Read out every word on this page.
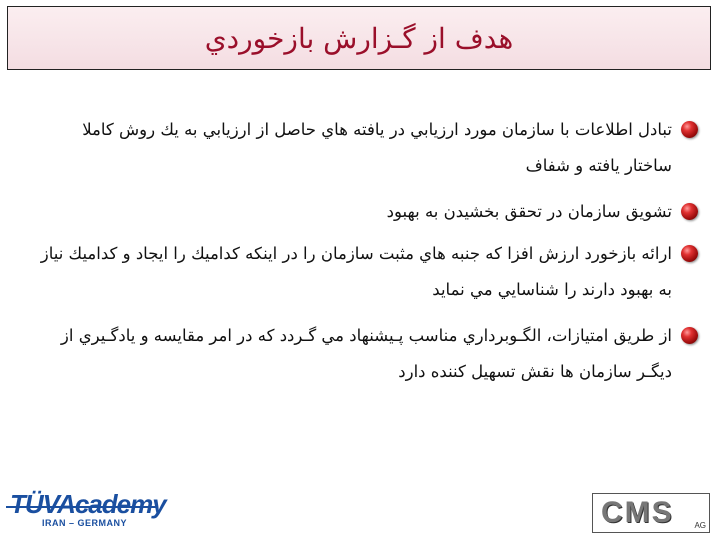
هدف از گـزارش بازخوردي
تبادل اطلاعات با سازمان مورد ارزيابي در يافته هاي حاصل از ارزيابي به يك روش كاملا ساختار يافته و شفاف
تشويق سازمان در تحقق بخشيدن به بهبود
ارائه بازخورد ارزش افزا كه جنبه هاي مثبت سازمان را در اينكه كداميك را ايجاد و كداميك نياز به بهبود دارند را شناسايي مي نمايد
از طريق امتيازات، الگـوبرداري مناسب پـيشنهاد مي گـردد كه در امر مقايسه و يادگـيري از ديگـر سازمان ها نقش تسهيل كننده دارد
TÜVAcademy
IRAN – GERMANY	CMS	AG
